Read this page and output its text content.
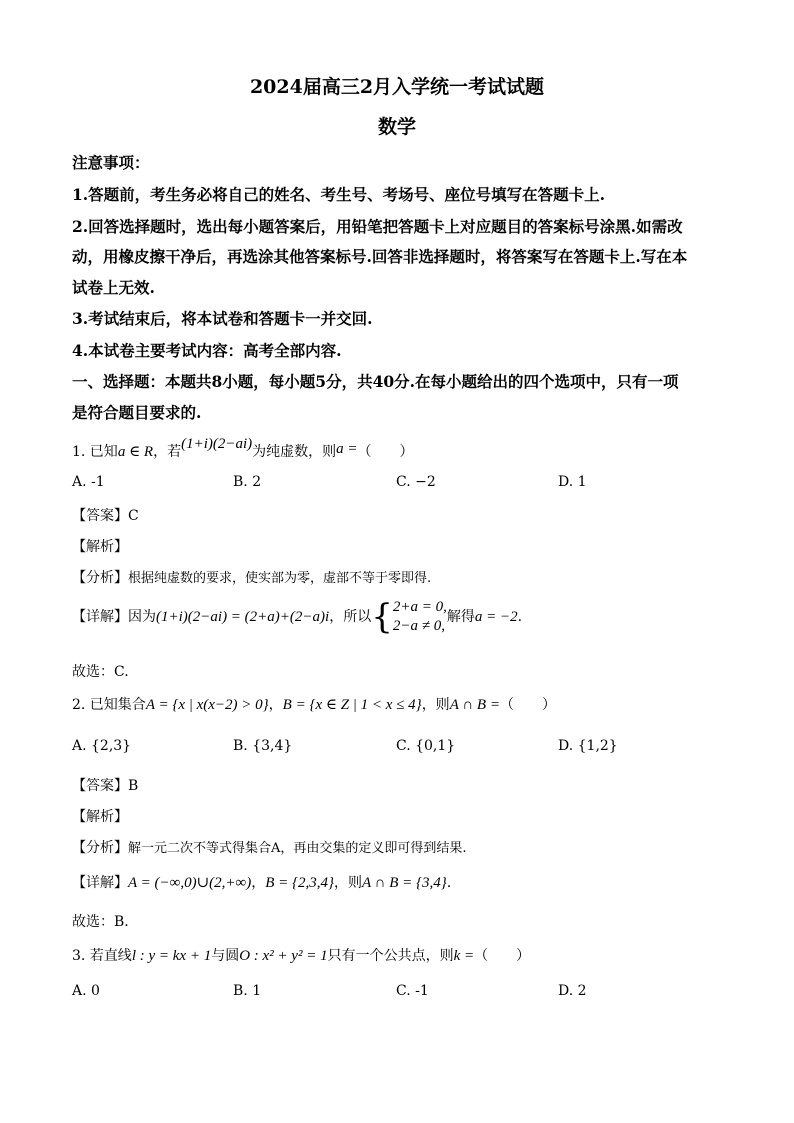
2024届高三2月入学统一考试试题
数学
注意事项：
1.答题前，考生务必将自己的姓名、考生号、考场号、座位号填写在答题卡上.
2.回答选择题时，选出每小题答案后，用铅笔把答题卡上对应题目的答案标号涂黑.如需改
动，用橡皮擦干净后，再选涂其他答案标号.回答非选择题时，将答案写在答题卡上.写在本
试卷上无效.
3.考试结束后，将本试卷和答题卡一并交回.
4.本试卷主要考试内容：高考全部内容.
一、选择题：本题共8小题，每小题5分，共40分.在每小题给出的四个选项中，只有一项
是符合题目要求的.
1. 已知a ∈ R，若(1+i)(2−ai)为纯虚数，则a =（　　）
A. -1	B. 2	C. −2	D. 1
【答案】C
【解析】
【分析】根据纯虚数的要求，使实部为零，虚部不等于零即得.
【详解】因为(1+i)(2−ai) = (2+a)+(2−a)i，所以{2+a = 0,
2−a ≠ 0,解得a = −2.
故选：C.
2. 已知集合A = {x | x(x−2) > 0}，B = {x ∈ Z | 1 < x ≤ 4}，则A ∩ B =（　　）
A. {2,3}	B. {3,4}	C. {0,1}	D. {1,2}
【答案】B
【解析】
【分析】解一元二次不等式得集合A，再由交集的定义即可得到结果.
【详解】A = (−∞,0)∪(2,+∞)，B = {2,3,4}，则A ∩ B = {3,4}.
故选：B.
3. 若直线l : y = kx + 1与圆O : x² + y² = 1只有一个公共点，则k =（　　）
A. 0	B. 1	C. -1	D. 2
